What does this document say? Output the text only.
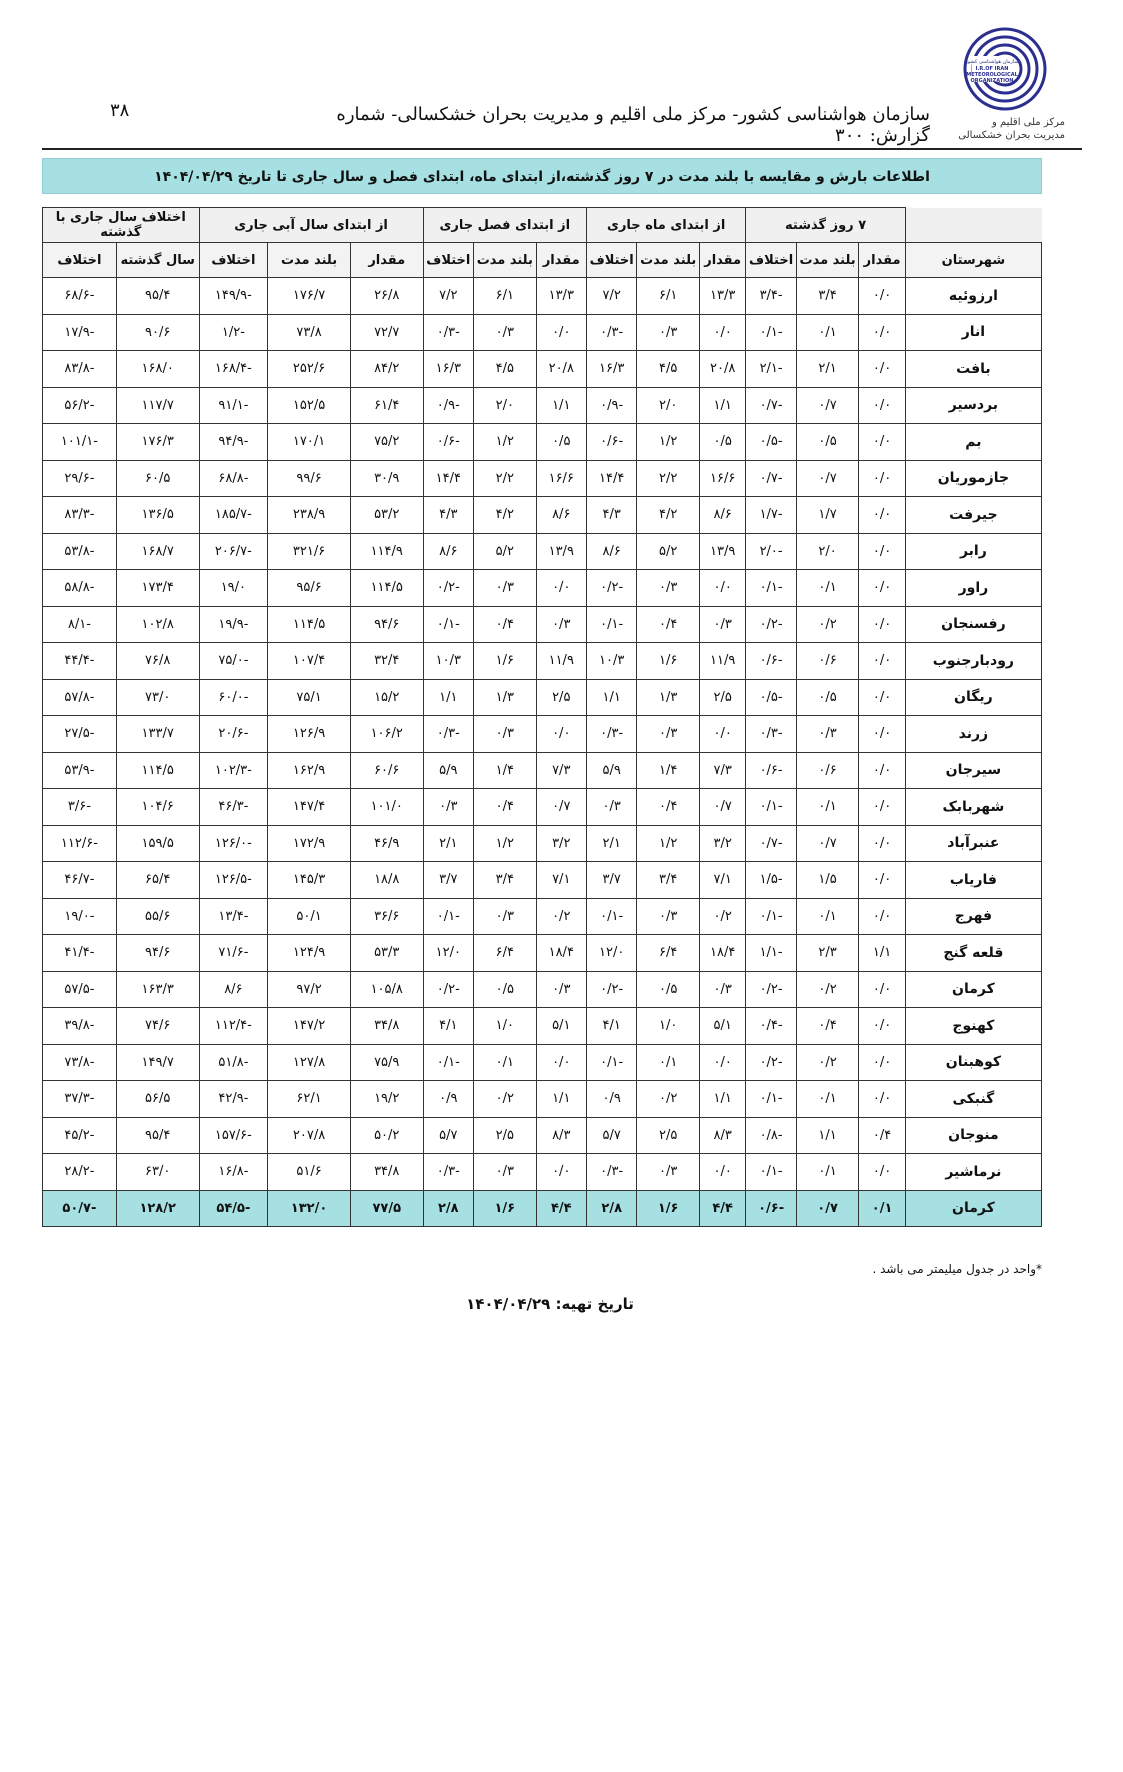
سازمان هواشناسی کشور
I.R.OF IRAN
METEOROLOGICAL
ORGANIZATION
مرکز ملی اقلیم و
مدیریت بحران خشکسالی
۳۸	سازمان هواشناسی کشور- مرکز ملی اقلیم و مدیریت بحران خشکسالی- شماره گزارش: ۳۰۰
اطلاعات بارش و مقایسه با بلند مدت در ۷ روز گذشته،از ابتدای ماه، ابتدای فصل و سال جاری تا تاریخ ۱۴۰۴/۰۴/۲۹
	۷ روز گذشته			از ابتدای ماه جاری			از ابتدای فصل جاری			از ابتدای سال آبی جاری			اختلاف سال جاری با گذشته	
شهرستان	مقدار	بلند مدت	اختلاف	مقدار	بلند مدت	اختلاف	مقدار	بلند مدت	اختلاف	مقدار	بلند مدت	اختلاف	سال گذشته	اختلاف
ارزوئیه	۰/۰	۳/۴	-۳/۴	۱۳/۳	۶/۱	۷/۲	۱۳/۳	۶/۱	۷/۲	۲۶/۸	۱۷۶/۷	-۱۴۹/۹	۹۵/۴	-۶۸/۶
انار	۰/۰	۰/۱	-۰/۱	۰/۰	۰/۳	-۰/۳	۰/۰	۰/۳	-۰/۳	۷۲/۷	۷۳/۸	-۱/۲	۹۰/۶	-۱۷/۹
بافت	۰/۰	۲/۱	-۲/۱	۲۰/۸	۴/۵	۱۶/۳	۲۰/۸	۴/۵	۱۶/۳	۸۴/۲	۲۵۲/۶	-۱۶۸/۴	۱۶۸/۰	-۸۳/۸
بردسیر	۰/۰	۰/۷	-۰/۷	۱/۱	۲/۰	-۰/۹	۱/۱	۲/۰	-۰/۹	۶۱/۴	۱۵۲/۵	-۹۱/۱	۱۱۷/۷	-۵۶/۲
بم	۰/۰	۰/۵	-۰/۵	۰/۵	۱/۲	-۰/۶	۰/۵	۱/۲	-۰/۶	۷۵/۲	۱۷۰/۱	-۹۴/۹	۱۷۶/۳	-۱۰۱/۱
جازموریان	۰/۰	۰/۷	-۰/۷	۱۶/۶	۲/۲	۱۴/۴	۱۶/۶	۲/۲	۱۴/۴	۳۰/۹	۹۹/۶	-۶۸/۸	۶۰/۵	-۲۹/۶
جیرفت	۰/۰	۱/۷	-۱/۷	۸/۶	۴/۲	۴/۳	۸/۶	۴/۲	۴/۳	۵۳/۲	۲۳۸/۹	-۱۸۵/۷	۱۳۶/۵	-۸۳/۳
رابر	۰/۰	۲/۰	-۲/۰	۱۳/۹	۵/۲	۸/۶	۱۳/۹	۵/۲	۸/۶	۱۱۴/۹	۳۲۱/۶	-۲۰۶/۷	۱۶۸/۷	-۵۳/۸
راور	۰/۰	۰/۱	-۰/۱	۰/۰	۰/۳	-۰/۲	۰/۰	۰/۳	-۰/۲	۱۱۴/۵	۹۵/۶	۱۹/۰	۱۷۳/۴	-۵۸/۸
رفسنجان	۰/۰	۰/۲	-۰/۲	۰/۳	۰/۴	-۰/۱	۰/۳	۰/۴	-۰/۱	۹۴/۶	۱۱۴/۵	-۱۹/۹	۱۰۲/۸	-۸/۱
رودبارجنوب	۰/۰	۰/۶	-۰/۶	۱۱/۹	۱/۶	۱۰/۳	۱۱/۹	۱/۶	۱۰/۳	۳۲/۴	۱۰۷/۴	-۷۵/۰	۷۶/۸	-۴۴/۴
ریگان	۰/۰	۰/۵	-۰/۵	۲/۵	۱/۳	۱/۱	۲/۵	۱/۳	۱/۱	۱۵/۲	۷۵/۱	-۶۰/۰	۷۳/۰	-۵۷/۸
زرند	۰/۰	۰/۳	-۰/۳	۰/۰	۰/۳	-۰/۳	۰/۰	۰/۳	-۰/۳	۱۰۶/۲	۱۲۶/۹	-۲۰/۶	۱۳۳/۷	-۲۷/۵
سیرجان	۰/۰	۰/۶	-۰/۶	۷/۳	۱/۴	۵/۹	۷/۳	۱/۴	۵/۹	۶۰/۶	۱۶۲/۹	-۱۰۲/۳	۱۱۴/۵	-۵۳/۹
شهربابک	۰/۰	۰/۱	-۰/۱	۰/۷	۰/۴	۰/۳	۰/۷	۰/۴	۰/۳	۱۰۱/۰	۱۴۷/۴	-۴۶/۳	۱۰۴/۶	-۳/۶
عنبرآباد	۰/۰	۰/۷	-۰/۷	۳/۲	۱/۲	۲/۱	۳/۲	۱/۲	۲/۱	۴۶/۹	۱۷۲/۹	-۱۲۶/۰	۱۵۹/۵	-۱۱۲/۶
فاریاب	۰/۰	۱/۵	-۱/۵	۷/۱	۳/۴	۳/۷	۷/۱	۳/۴	۳/۷	۱۸/۸	۱۴۵/۳	-۱۲۶/۵	۶۵/۴	-۴۶/۷
فهرج	۰/۰	۰/۱	-۰/۱	۰/۲	۰/۳	-۰/۱	۰/۲	۰/۳	-۰/۱	۳۶/۶	۵۰/۱	-۱۳/۴	۵۵/۶	-۱۹/۰
قلعه گنج	۱/۱	۲/۳	-۱/۱	۱۸/۴	۶/۴	۱۲/۰	۱۸/۴	۶/۴	۱۲/۰	۵۳/۳	۱۲۴/۹	-۷۱/۶	۹۴/۶	-۴۱/۴
کرمان	۰/۰	۰/۲	-۰/۲	۰/۳	۰/۵	-۰/۲	۰/۳	۰/۵	-۰/۲	۱۰۵/۸	۹۷/۲	۸/۶	۱۶۳/۳	-۵۷/۵
کهنوج	۰/۰	۰/۴	-۰/۴	۵/۱	۱/۰	۴/۱	۵/۱	۱/۰	۴/۱	۳۴/۸	۱۴۷/۲	-۱۱۲/۴	۷۴/۶	-۳۹/۸
کوهبنان	۰/۰	۰/۲	-۰/۲	۰/۰	۰/۱	-۰/۱	۰/۰	۰/۱	-۰/۱	۷۵/۹	۱۲۷/۸	-۵۱/۸	۱۴۹/۷	-۷۳/۸
گنبکی	۰/۰	۰/۱	-۰/۱	۱/۱	۰/۲	۰/۹	۱/۱	۰/۲	۰/۹	۱۹/۲	۶۲/۱	-۴۲/۹	۵۶/۵	-۳۷/۳
منوجان	۰/۴	۱/۱	-۰/۸	۸/۳	۲/۵	۵/۷	۸/۳	۲/۵	۵/۷	۵۰/۲	۲۰۷/۸	-۱۵۷/۶	۹۵/۴	-۴۵/۲
نرماشیر	۰/۰	۰/۱	-۰/۱	۰/۰	۰/۳	-۰/۳	۰/۰	۰/۳	-۰/۳	۳۴/۸	۵۱/۶	-۱۶/۸	۶۳/۰	-۲۸/۲
کرمان	۰/۱	۰/۷	-۰/۶	۴/۴	۱/۶	۲/۸	۴/۴	۱/۶	۲/۸	۷۷/۵	۱۳۲/۰	-۵۴/۵	۱۲۸/۲	-۵۰/۷
*واحد در جدول میلیمتر می باشد .
تاریخ تهیه: ۱۴۰۴/۰۴/۲۹
